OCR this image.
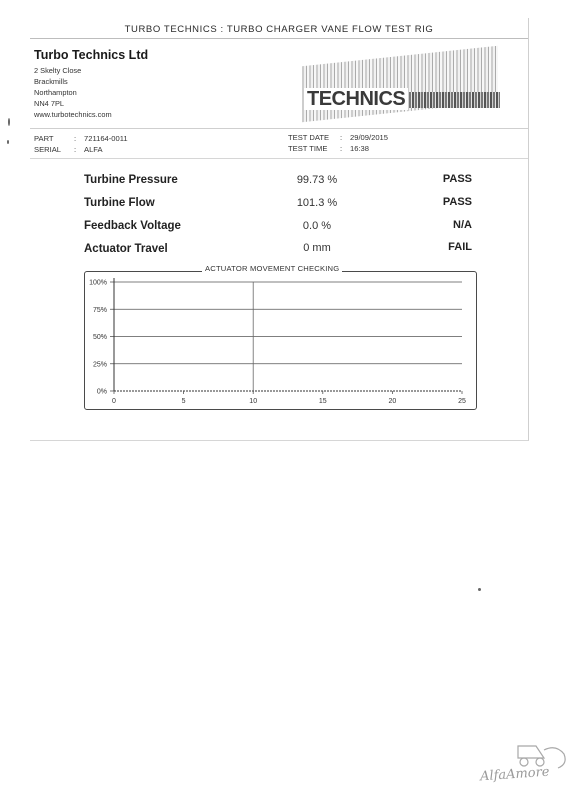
TURBO TECHNICS : TURBO CHARGER VANE FLOW TEST RIG
Turbo Technics Ltd
2 Skelty Close
Brackmills
Northampton
NN4 7PL
www.turbotechnics.com
TECHNICS
PART	: 721164-0011
SERIAL : ALFA
TEST DATE : 29/09/2015
TEST TIME : 16:38
Turbine Pressure	99.73 %	PASS
Turbine Flow	101.3 %	PASS
Feedback Voltage	0.0 %	N/A
Actuator Travel	0 mm	FAIL
0%
25%
50%
75%
100%
0	5	10	15	20	25
ACTUATOR MOVEMENT CHECKING
AlfaAmore
